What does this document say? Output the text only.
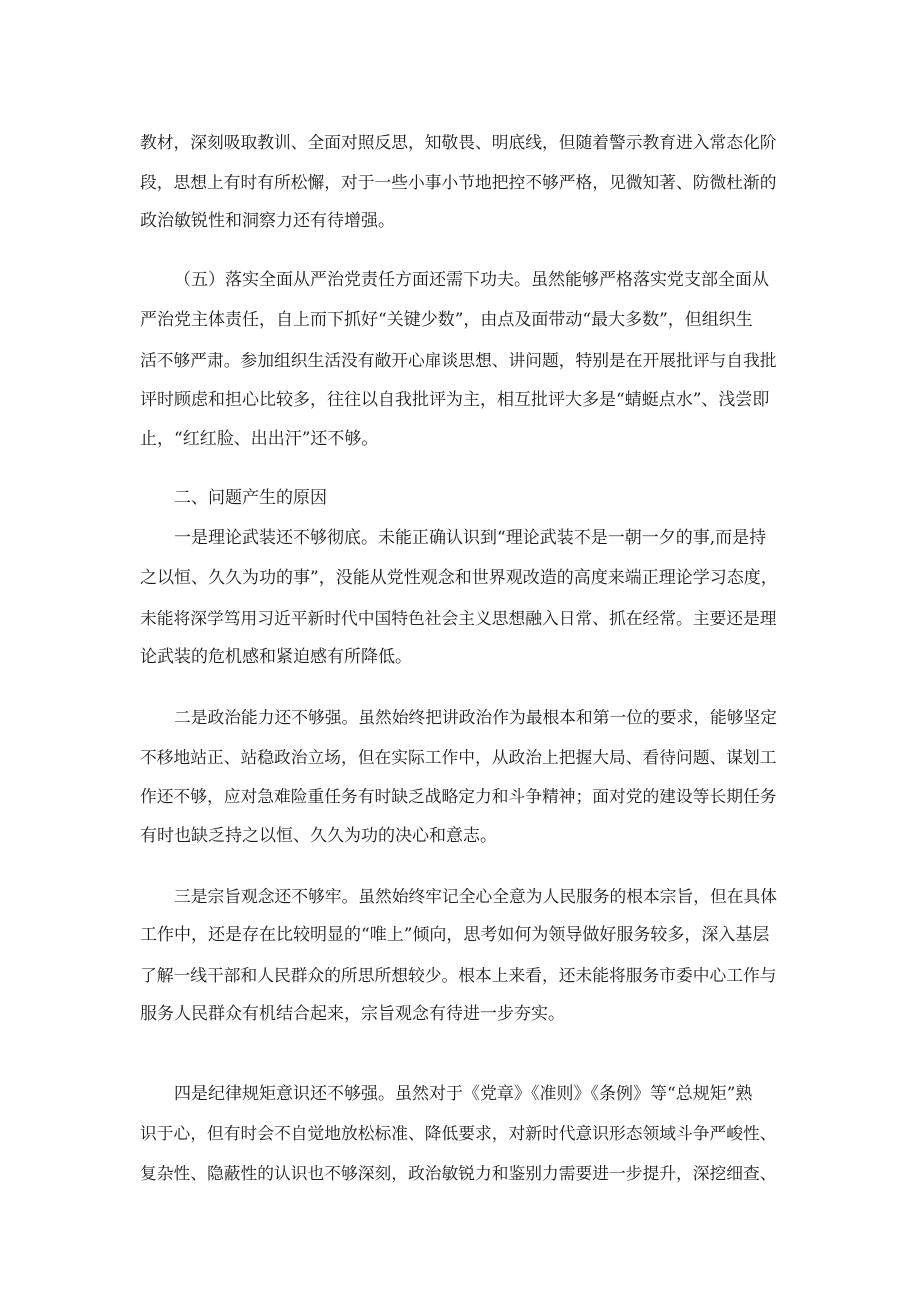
教材，深刻吸取教训、全面对照反思，知敬畏、明底线，但随着警示教育进入常态化阶
段，思想上有时有所松懈，对于一些小事小节地把控不够严格，见微知著、防微杜渐的
政治敏锐性和洞察力还有待增强。
（五）落实全面从严治党责任方面还需下功夫。虽然能够严格落实党支部全面从
严治党主体责任，自上而下抓好“关键少数”，由点及面带动“最大多数”，但组织生
活不够严肃。参加组织生活没有敞开心扉谈思想、讲问题，特别是在开展批评与自我批
评时顾虑和担心比较多，往往以自我批评为主，相互批评大多是“蜻蜓点水”、浅尝即
止，“红红脸、出出汗”还不够。
二、问题产生的原因
一是理论武装还不够彻底。未能正确认识到“理论武装不是一朝一夕的事,而是持
之以恒、久久为功的事”，没能从党性观念和世界观改造的高度来端正理论学习态度，
未能将深学笃用习近平新时代中国特色社会主义思想融入日常、抓在经常。主要还是理
论武装的危机感和紧迫感有所降低。
二是政治能力还不够强。虽然始终把讲政治作为最根本和第一位的要求，能够坚定
不移地站正、站稳政治立场，但在实际工作中，从政治上把握大局、看待问题、谋划工
作还不够，应对急难险重任务有时缺乏战略定力和斗争精神；面对党的建设等长期任务
有时也缺乏持之以恒、久久为功的决心和意志。
三是宗旨观念还不够牢。虽然始终牢记全心全意为人民服务的根本宗旨，但在具体
工作中，还是存在比较明显的“唯上”倾向，思考如何为领导做好服务较多，深入基层
了解一线干部和人民群众的所思所想较少。根本上来看，还未能将服务市委中心工作与
服务人民群众有机结合起来，宗旨观念有待进一步夯实。
四是纪律规矩意识还不够强。虽然对于《党章》《准则》《条例》等“总规矩”熟
识于心，但有时会不自觉地放松标准、降低要求，对新时代意识形态领域斗争严峻性、
复杂性、隐蔽性的认识也不够深刻，政治敏锐力和鉴别力需要进一步提升，深挖细查、
